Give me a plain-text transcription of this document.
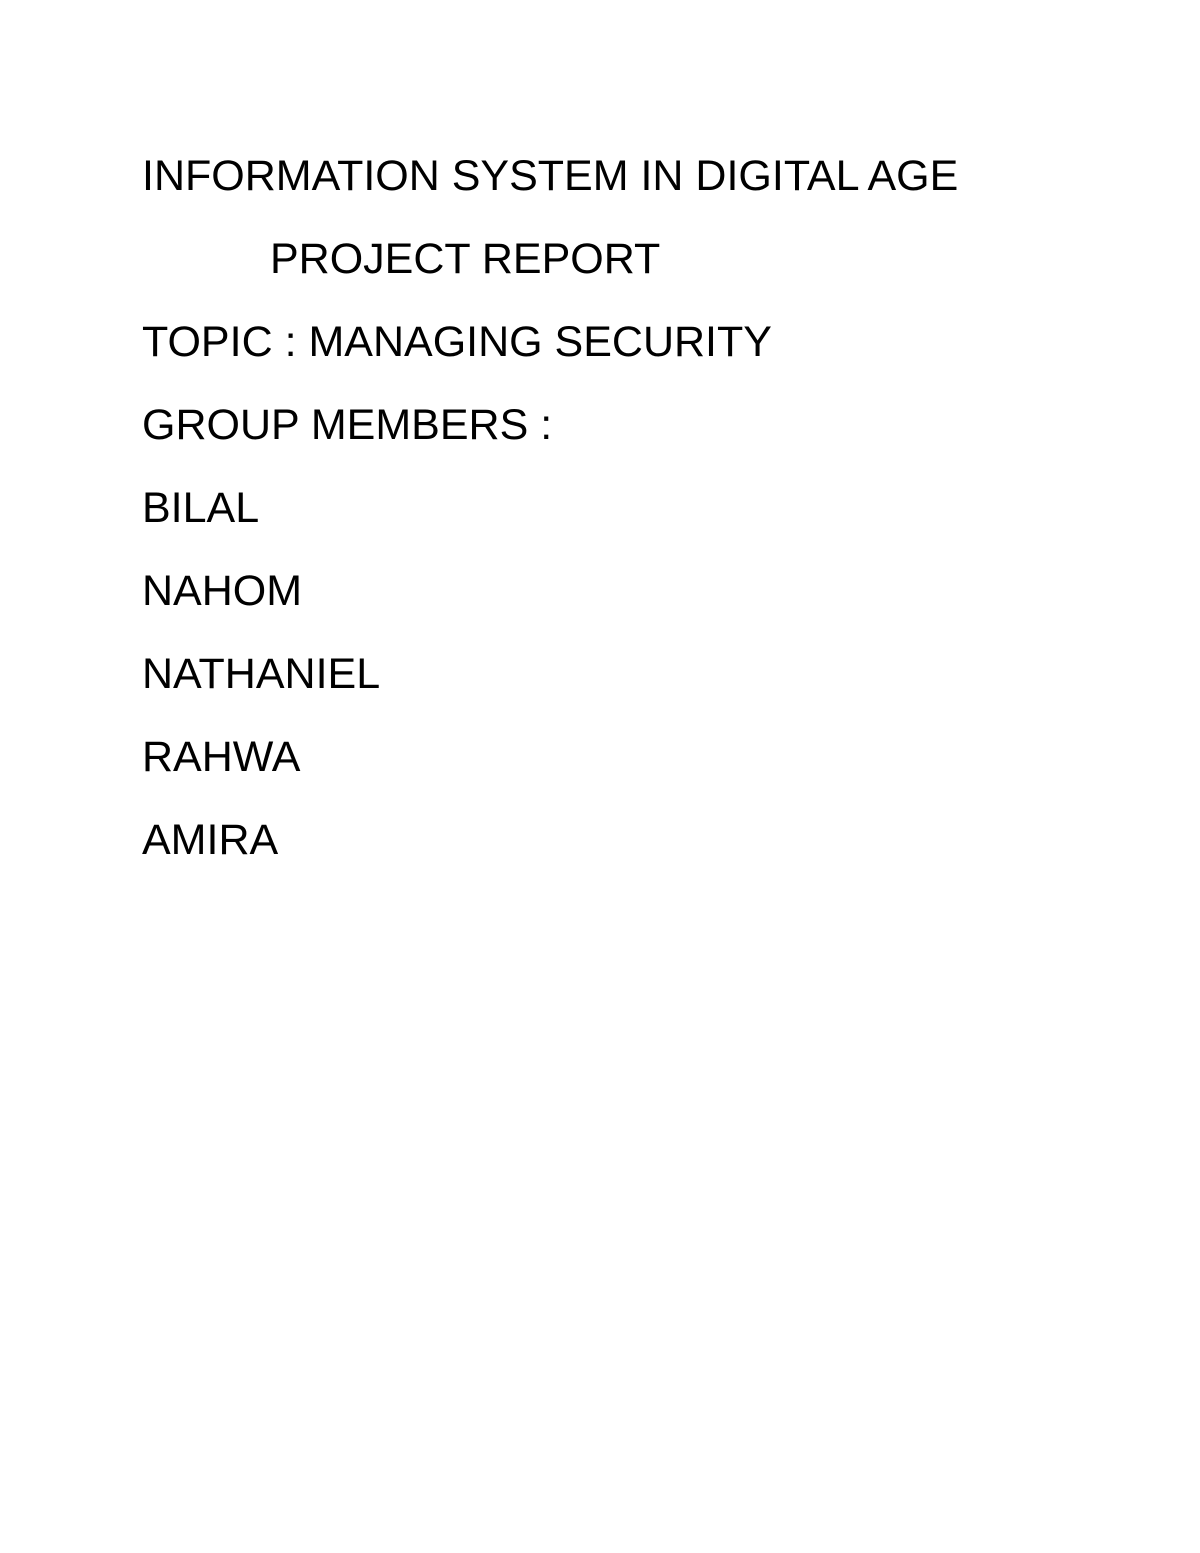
INFORMATION SYSTEM IN DIGITAL AGE
PROJECT REPORT

TOPIC : MANAGING SECURITY

GROUP MEMBERS :

BILAL
NAHOM
NATHANIEL
RAHWA
AMIRA
